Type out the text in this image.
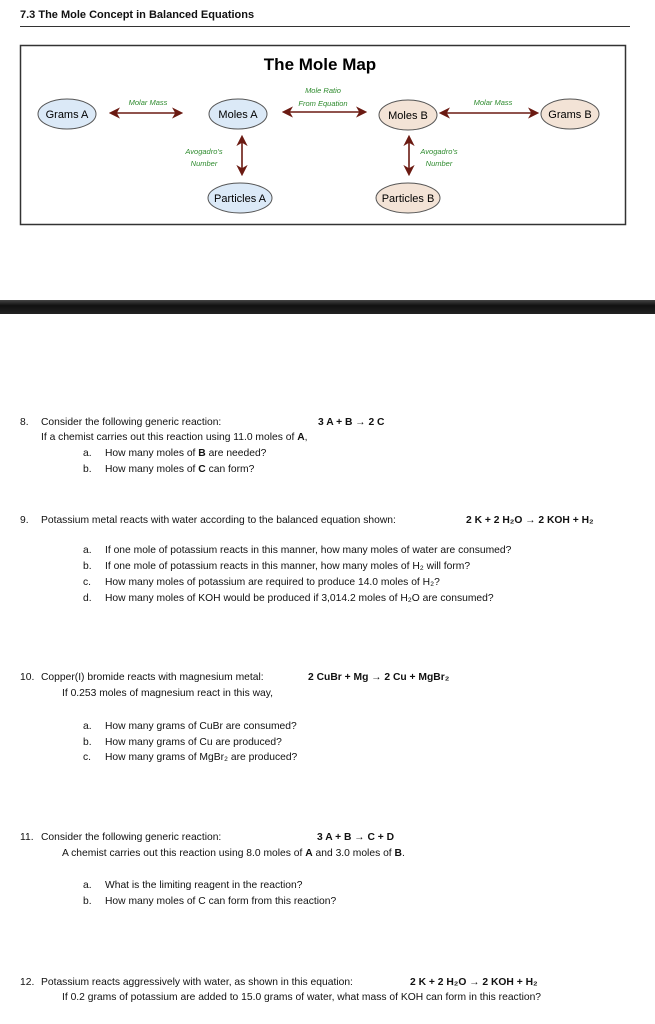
7.3 The Mole Concept in Balanced Equations
The Mole Map
Molar Mass
Mole Ratio
From Equation	Molar Mass
Avogadro's
Number
Avogadro's
Number
Grams A	Moles A	Moles B	Grams B
Particles A	Particles B
8. Consider the following generic reaction:	3 A + B → 2 C
If a chemist carries out this reaction using 11.0 moles of A,
a. How many moles of B are needed?
b. How many moles of C can form?
9. Potassium metal reacts with water according to the balanced equation shown:	2 K + 2 H₂O → 2 KOH + H₂
a. If one mole of potassium reacts in this manner, how many moles of water are consumed?
b. If one mole of potassium reacts in this manner, how many moles of H₂ will form?
c. How many moles of potassium are required to produce 14.0 moles of H₂?
d. How many moles of KOH would be produced if 3,014.2 moles of H₂O are consumed?
10. Copper(I) bromide reacts with magnesium metal:	2 CuBr + Mg → 2 Cu + MgBr₂
If 0.253 moles of magnesium react in this way,
a. How many grams of CuBr are consumed?
b. How many grams of Cu are produced?
c. How many grams of MgBr₂ are produced?
11. Consider the following generic reaction:	3 A + B → C + D
A chemist carries out this reaction using 8.0 moles of A and 3.0 moles of B.
a. What is the limiting reagent in the reaction?
b. How many moles of C can form from this reaction?
12. Potassium reacts aggressively with water, as shown in this equation:	2 K + 2 H₂O → 2 KOH + H₂
If 0.2 grams of potassium are added to 15.0 grams of water, what mass of KOH can form in this reaction?
